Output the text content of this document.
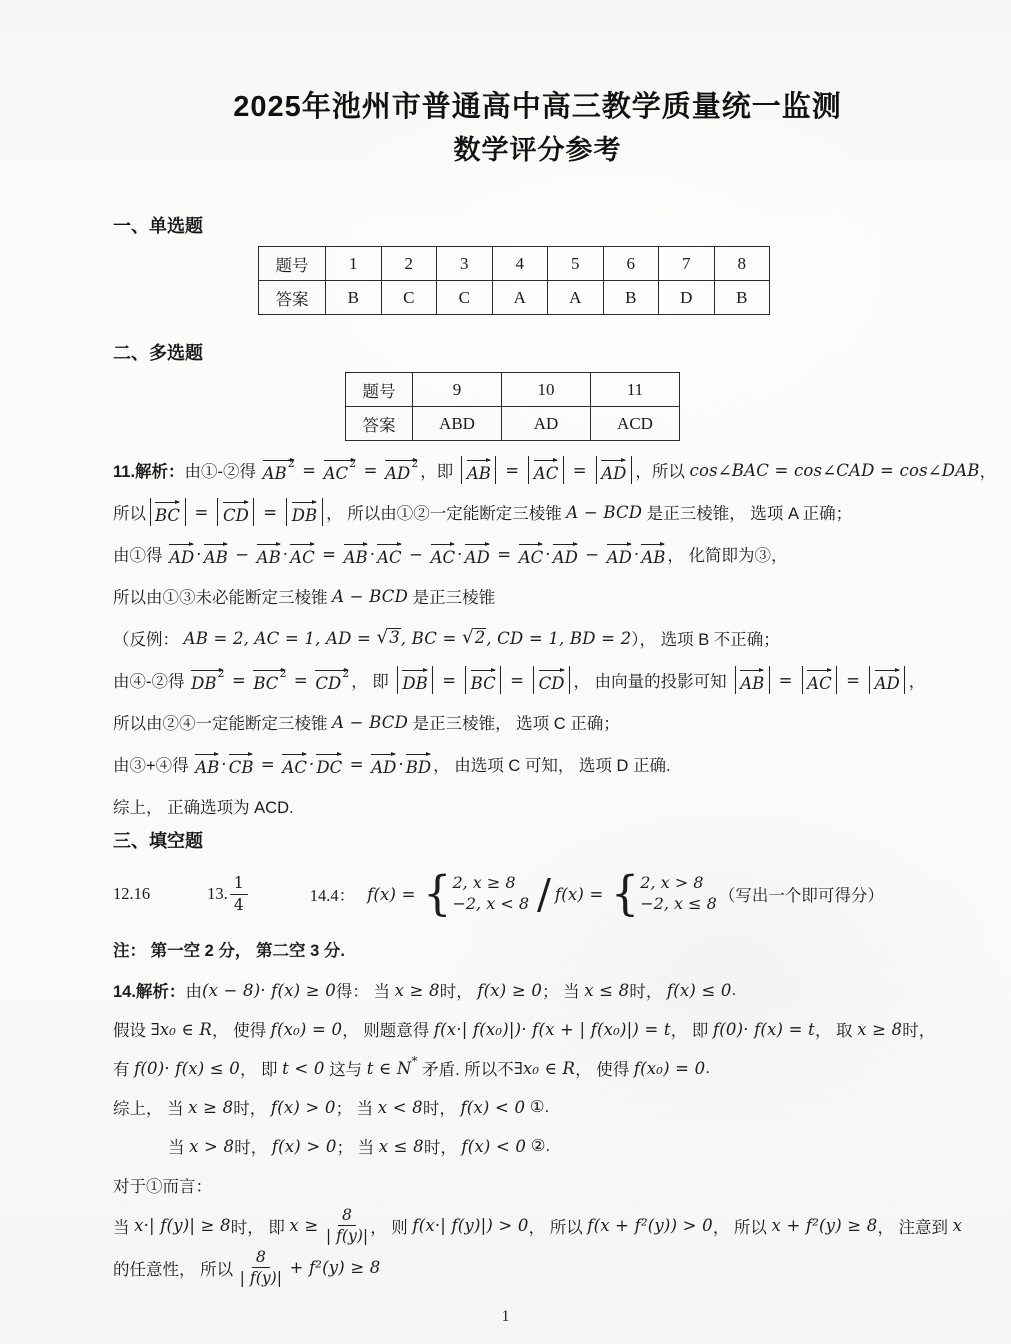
2025年池州市普通高中高三教学质量统一监测
数学评分参考
一、单选题
题号	1	2	3	4	5	6	7	8
答案	B	C	C	A	A	B	D	B
二、多选题
题号	9	10	11
答案	ABD	AD	ACD
11.解析： 由①-②得 $AB^2 = AC^2 = AD^2$ ，即 AB = AC = AD ，所以 cos∠BAC = cos∠CAD = cos∠DAB ，
所以 BC = CD = DB ， 所以由①②一定能断定三棱锥 A − BCD 是正三棱锥， 选项 A 正确；
由①得 AD · AB − AB · AC = AB · AC − AC · AD = AC · AD − AD · AB ， 化简即为③，
所以由①③未必能断定三棱锥 A − BCD 是正三棱锥
（反例： AB = 2, AC = 1, AD = √ 3 , BC = √ 2 , CD = 1, BD = 2 ）， 选项 B 不正确；
由④-②得 $DB^2 = BC^2 = CD^2$ ， 即 DB = BC = CD ， 由向量的投影可知 AB = AC = AD ，
所以由②④一定能断定三棱锥 A − BCD 是正三棱锥， 选项 C 正确；
由③+④得 AB · CB = AC · DC = AD · BD ， 由选项 C 可知， 选项 D 正确.
综上， 正确选项为 ACD.
三、填空题
12.16	13. $\frac{1}{4}$	14.4： f(x) = { 2, x ≥ 8
−2, x < 8 / f(x) = { 2, x > 8
−2, x ≤ 8 （写出一个即可得分）
注： 第一空 2 分， 第二空 3 分.
14.解析： 由 (x − 8)· f(x) ≥ 0 得： 当 x ≥ 8 时， f(x) ≥ 0 ； 当 x ≤ 8 时， f(x) ≤ 0 .
假设 ∃x₀ ∈ R ， 使得 f(x₀) = 0 ， 则题意得 f(x·| f(x₀)|)· f(x + | f(x₀)|) = t ， 即 f(0)· f(x) = t ， 取 x ≥ 8 时，
有 f(0)· f(x) ≤ 0 ， 即 t < 0 这与 t ∈ N * 矛盾. 所以不 ∃x₀ ∈ R ， 使得 f(x₀) = 0 .
综上， 当 x ≥ 8 时， f(x) > 0 ； 当 x < 8 时， f(x) < 0 ①.
当 x > 8 时， f(x) > 0 ； 当 x ≤ 8 时， f(x) < 0 ②.
对于①而言：
当 x·| f(y)| ≥ 8 时， 即 $x \ge \frac{8}{| f(y)|}$ ， 则 f(x·| f(y)|) > 0 ， 所以 f(x + f²(y)) > 0 ， 所以 x + f²(y) ≥ 8 ， 注意到 x
的任意性， 所以 $\frac{8}{| f(y)|} + f^2(y) \ge 8$
1
